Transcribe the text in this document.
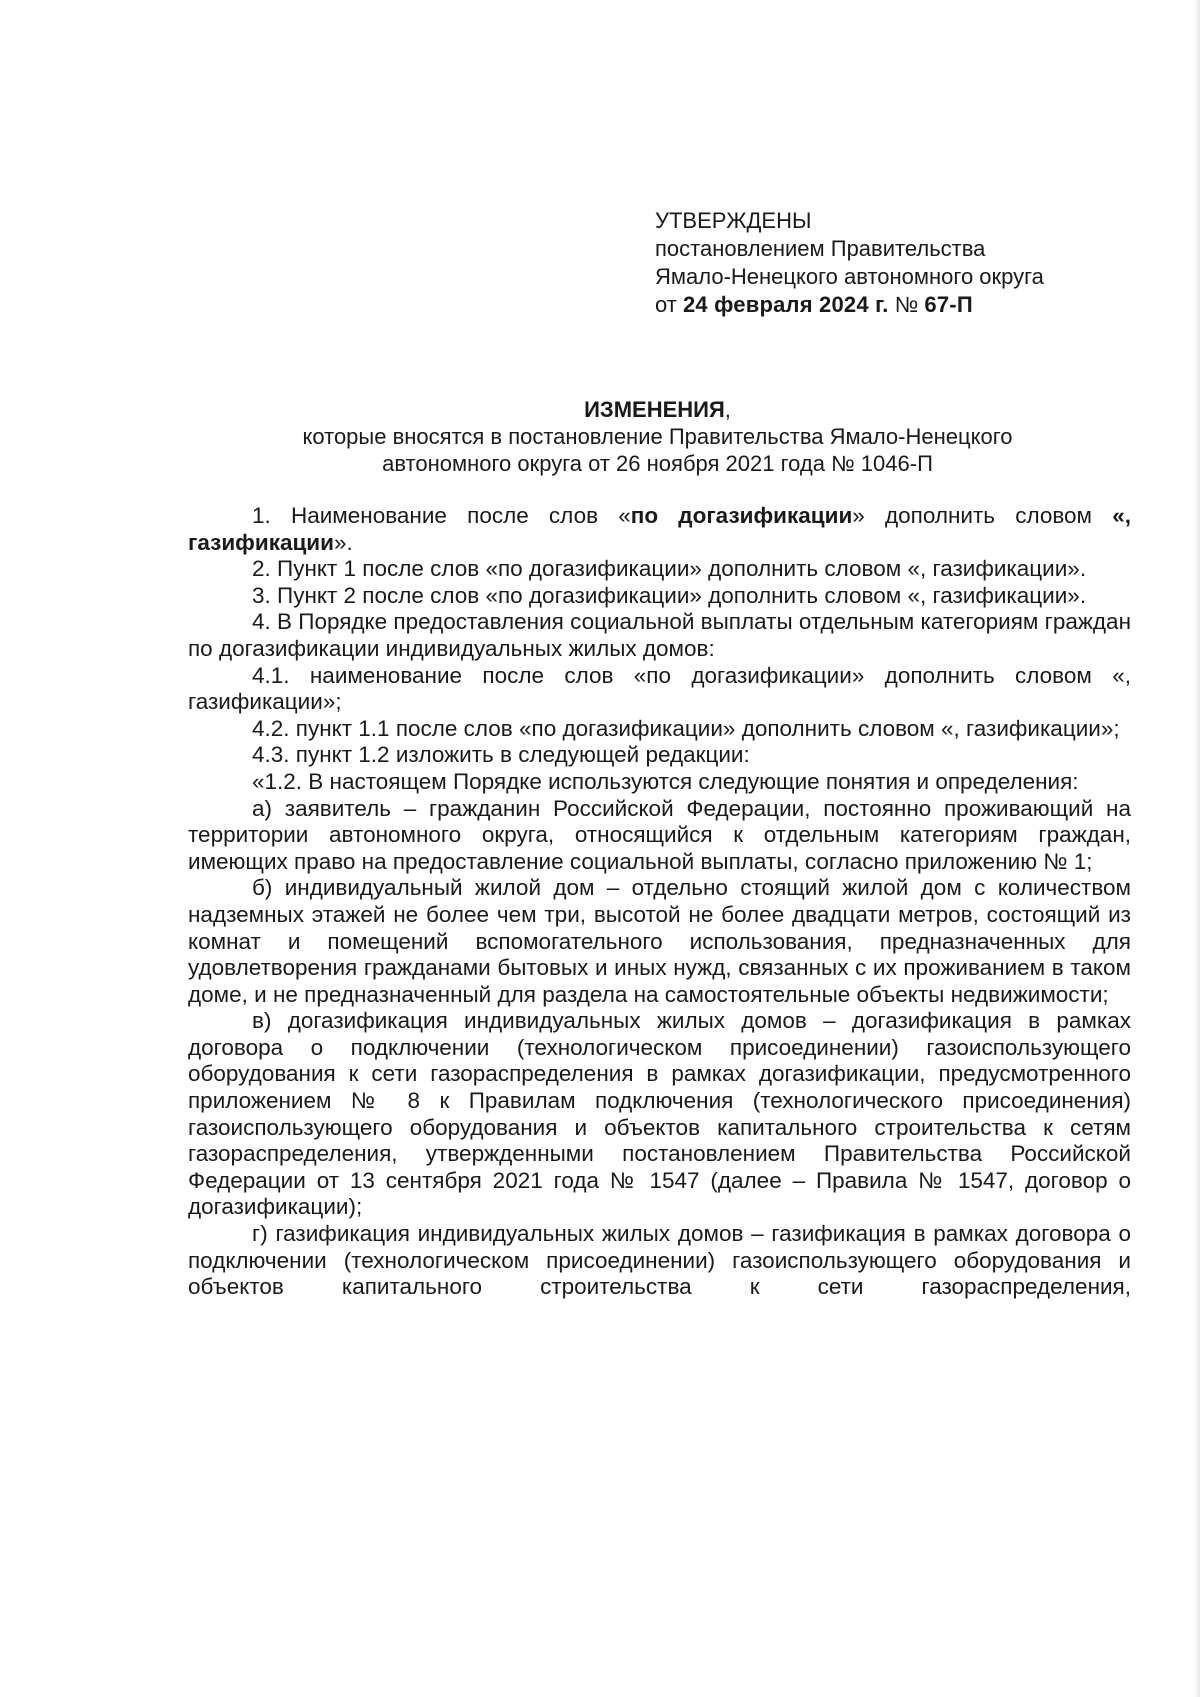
УТВЕРЖДЕНЫ

постановлением Правительства

Ямало-Ненецкого автономного округа

от 24 февраля 2024 г. № 67-П

ИЗМЕНЕНИЯ,
которые вносятся в постановление Правительства Ямало-Ненецкого
автономного округа от 26 ноября 2021 года № 1046-П

1. Наименование после слов «по догазификации» дополнить словом «, газификации».

2. Пункт 1 после слов «по догазификации» дополнить словом «, газификации».

3. Пункт 2 после слов «по догазификации» дополнить словом «, газификации».

4. В Порядке предоставления социальной выплаты отдельным категориям граждан по догазификации индивидуальных жилых домов:

4.1. наименование после слов «по догазификации» дополнить словом «, газификации»;

4.2. пункт 1.1 после слов «по догазификации» дополнить словом «, газификации»;

4.3. пункт 1.2 изложить в следующей редакции:

«1.2. В настоящем Порядке используются следующие понятия и определения:

а) заявитель – гражданин Российской Федерации, постоянно проживающий на территории автономного округа, относящийся к отдельным категориям граждан, имеющих право на предоставление социальной выплаты, согласно приложению № 1;

б) индивидуальный жилой дом – отдельно стоящий жилой дом с количеством надземных этажей не более чем три, высотой не более двадцати метров, состоящий из комнат и помещений вспомогательного использования, предназначенных для удовлетворения гражданами бытовых и иных нужд, связанных с их проживанием в таком доме, и не предназначенный для раздела на самостоятельные объекты недвижимости;

в) догазификация индивидуальных жилых домов – догазификация в рамках договора о подключении (технологическом присоединении) газоиспользующего оборудования к сети газораспределения в рамках догазификации, предусмотренного приложением № 8 к Правилам подключения (технологического присоединения) газоиспользующего оборудования и объектов капитального строительства к сетям газораспределения, утвержденными постановлением Правительства Российской Федерации от 13 сентября 2021 года № 1547 (далее – Правила № 1547, договор о догазификации);

г) газификация индивидуальных жилых домов – газификация в рамках договора о подключении (технологическом присоединении) газоиспользующего оборудования и объектов капитального строительства к сети газораспределения,
